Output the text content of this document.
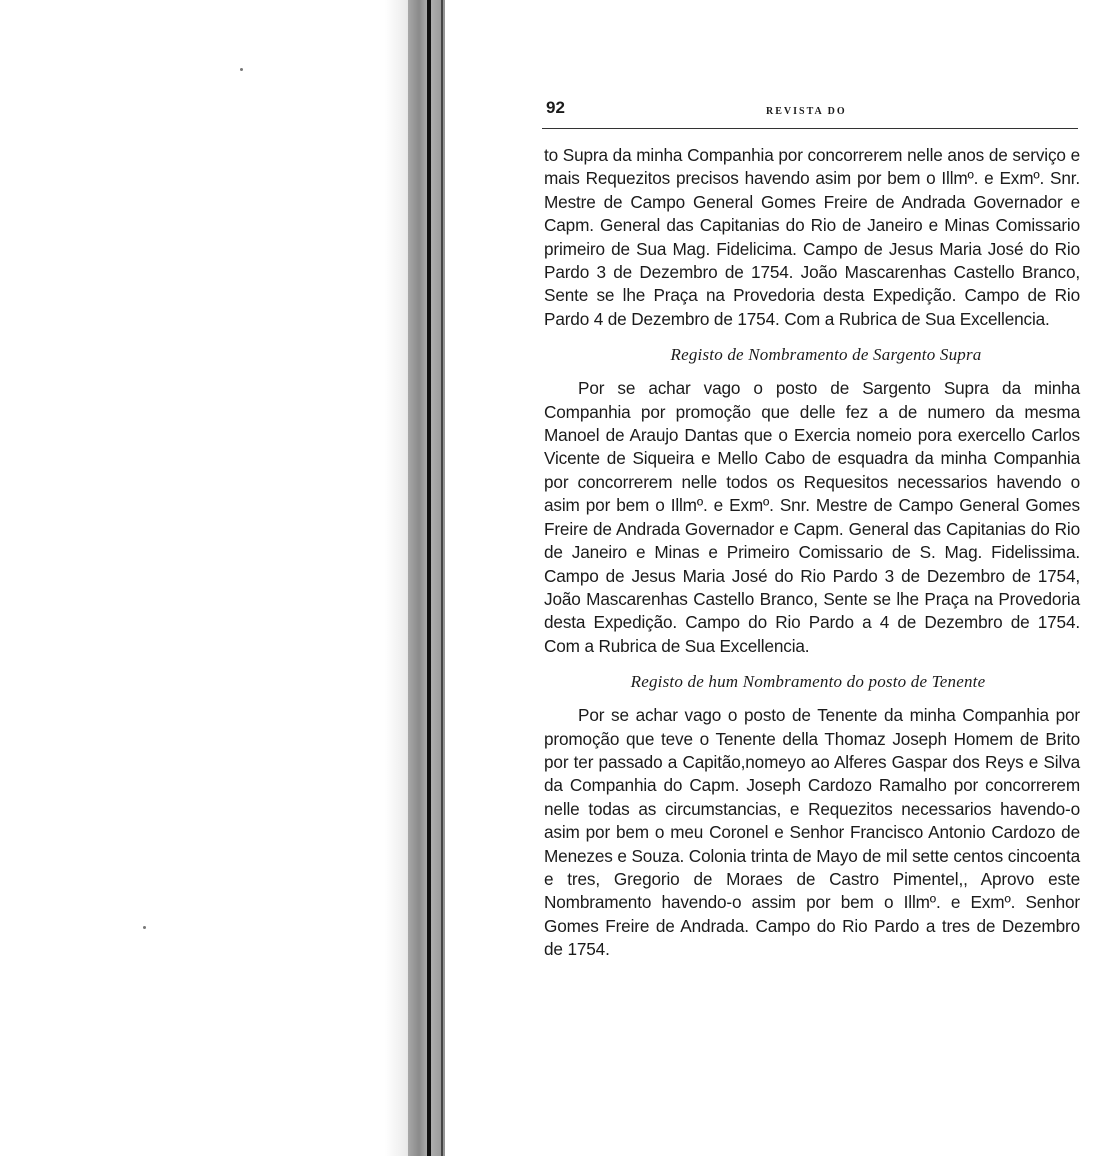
92	REVISTA DO

to Supra da minha Companhia por concorrerem nelle anos de serviço e mais Requezitos precisos havendo asim por bem o Illmº. e Exmº. Snr. Mestre de Campo General Gomes Freire de Andrada Governador e Capm. General das Capitanias do Rio de Janeiro e Minas Comissario primeiro de Sua Mag. Fidelicima. Campo de Jesus Maria José do Rio Pardo 3 de Dezembro de 1754. João Mascarenhas Castello Branco, Sente se lhe Praça na Provedoria desta Expedição. Campo de Rio Pardo 4 de Dezembro de 1754. Com a Rubrica de Sua Excellencia.

Registo de Nombramento de Sargento Supra

Por se achar vago o posto de Sargento Supra da minha Companhia por promoção que delle fez a de numero da mesma Manoel de Araujo Dantas que o Exercia nomeio pora exercello Carlos Vicente de Siqueira e Mello Cabo de esquadra da minha Companhia por concorrerem nelle todos os Requesitos necessarios havendo o asim por bem o Illmº. e Exmº. Snr. Mestre de Campo General Gomes Freire de Andrada Governador e Capm. General das Capitanias do Rio de Janeiro e Minas e Primeiro Comissario de S. Mag. Fidelissima. Campo de Jesus Maria José do Rio Pardo 3 de Dezembro de 1754, João Mascarenhas Castello Branco, Sente se lhe Praça na Provedoria desta Expedição. Campo do Rio Pardo a 4 de Dezembro de 1754. Com a Rubrica de Sua Excellencia.

Registo de hum Nombramento do posto de Tenente

Por se achar vago o posto de Tenente da minha Companhia por promoção que teve o Tenente della Thomaz Joseph Homem de Brito por ter passado a Capitão,nomeyo ao Alferes Gaspar dos Reys e Silva da Companhia do Capm. Joseph Cardozo Ramalho por concorrerem nelle todas as circumstancias, e Requezitos necessarios havendo-o asim por bem o meu Coronel e Senhor Francisco Antonio Cardozo de Menezes e Souza. Colonia trinta de Mayo de mil sette centos cincoenta e tres, Gregorio de Moraes de Castro Pimentel,, Aprovo este Nombramento havendo-o assim por bem o Illmº. e Exmº. Senhor Gomes Freire de Andrada. Campo do Rio Pardo a tres de Dezembro de 1754.
